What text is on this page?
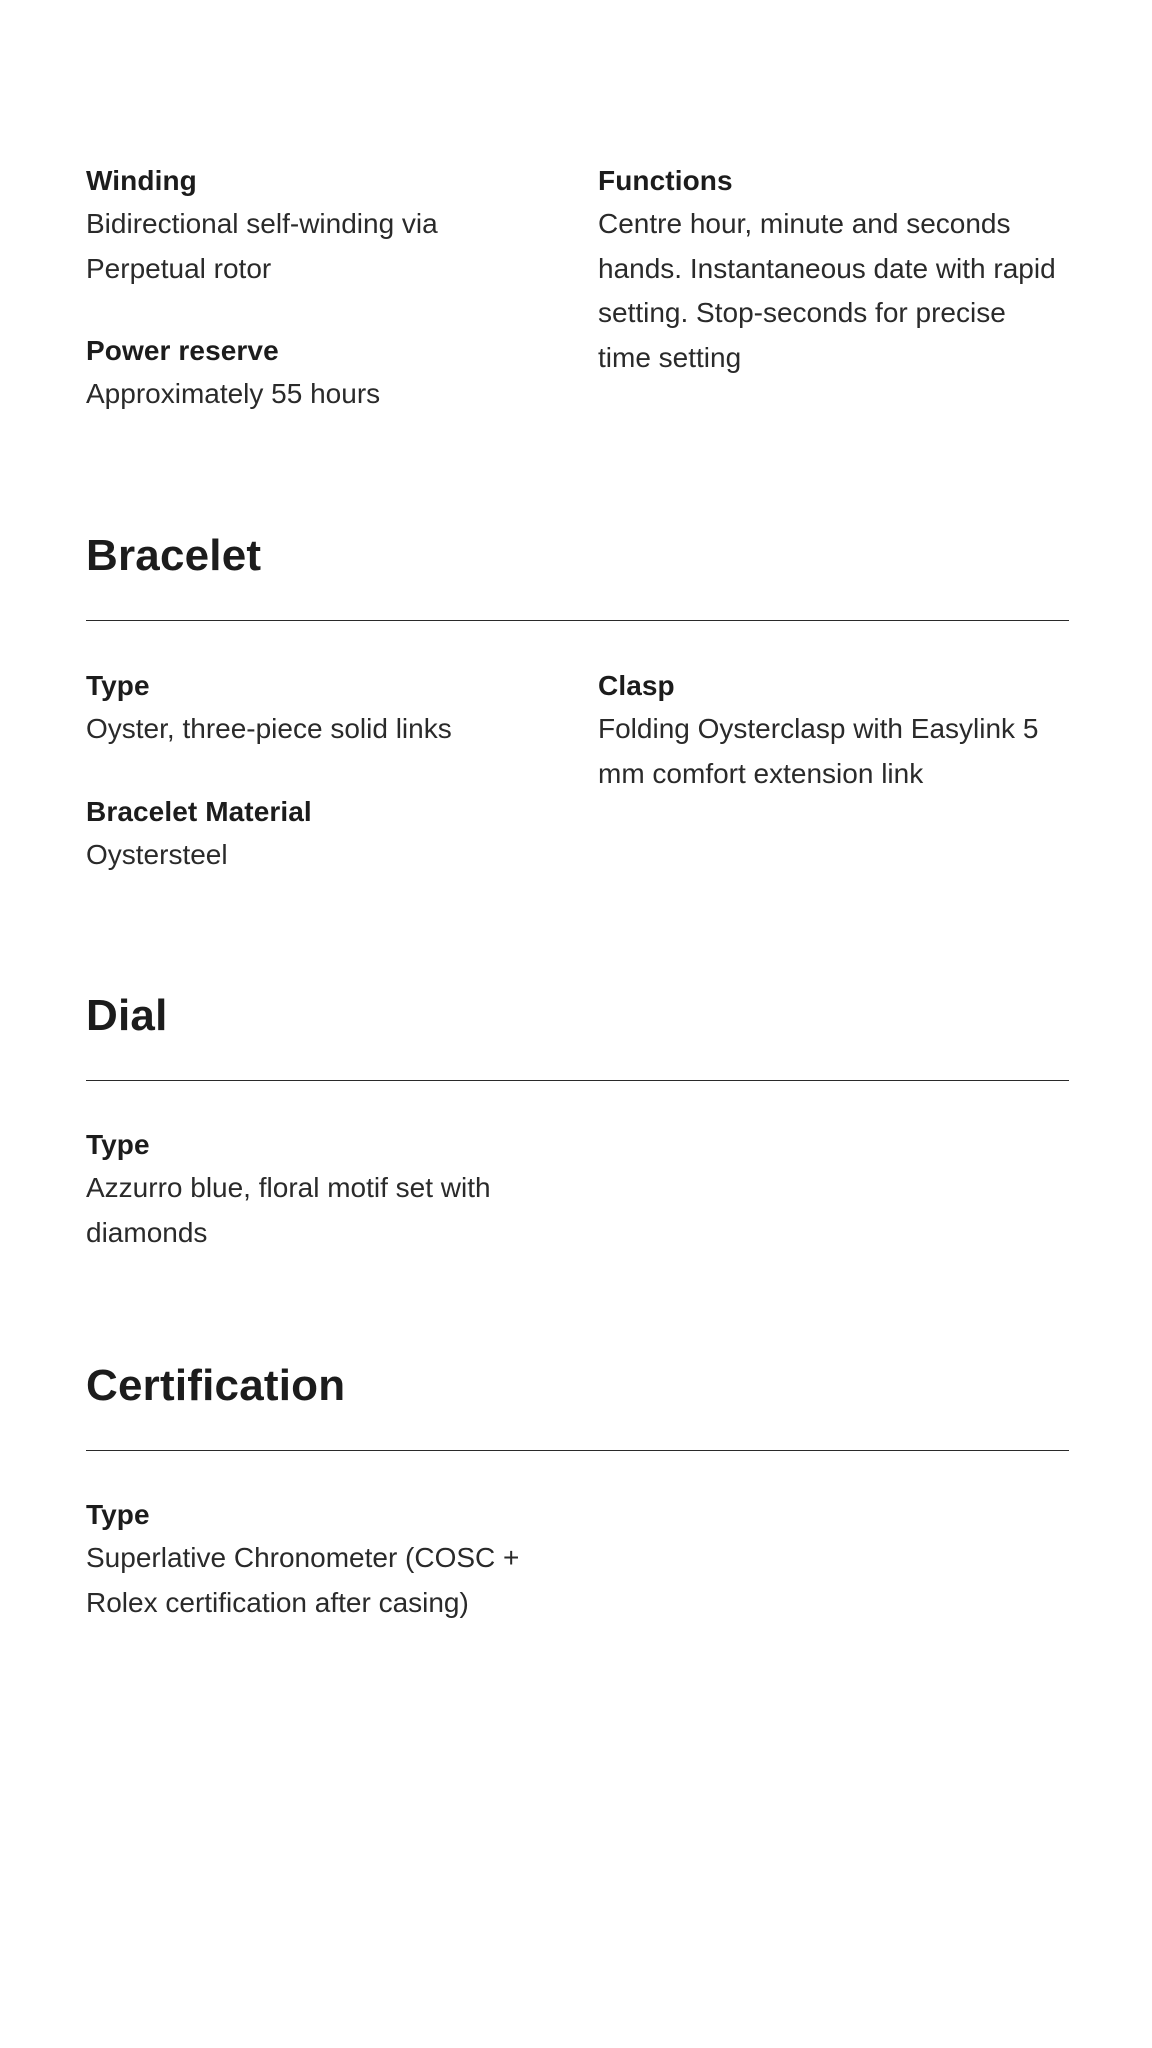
Winding
Bidirectional self-winding via Perpetual rotor
Power reserve
Approximately 55 hours
Functions
Centre hour, minute and seconds hands. Instantaneous date with rapid setting. Stop-seconds for precise time setting
Bracelet
Type
Oyster, three-piece solid links
Bracelet Material
Oystersteel
Clasp
Folding Oysterclasp with Easylink 5 mm comfort extension link
Dial
Type
Azzurro blue, floral motif set with diamonds
Certification
Type
Superlative Chronometer (COSC + Rolex certification after casing)
